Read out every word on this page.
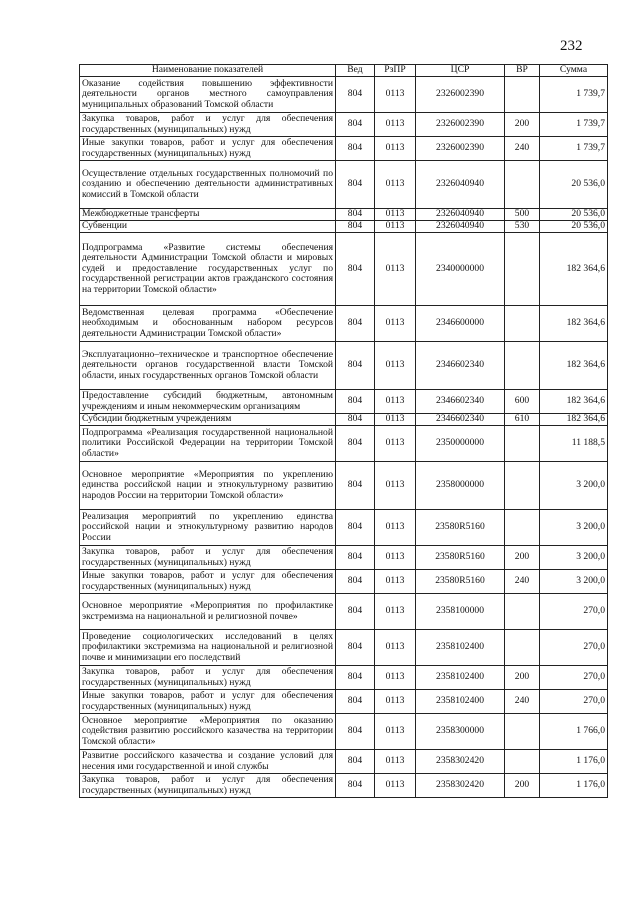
232
Наименование показателей	Вед	РзПР	ЦСР	ВР	Сумма
Оказание содействия повышению эффективности деятельности органов местного самоуправления муниципальных образований Томской области	804	0113	2326002390		1 739,7
Закупка товаров, работ и услуг для обеспечения государственных (муниципальных) нужд	804	0113	2326002390	200	1 739,7
Иные закупки товаров, работ и услуг для обеспечения государственных (муниципальных) нужд	804	0113	2326002390	240	1 739,7
Осуществление отдельных государственных полномочий по созданию и обеспечению деятельности административных комиссий в Томской области	804	0113	2326040940		20 536,0
Межбюджетные трансферты	804	0113	2326040940	500	20 536,0
Субвенции	804	0113	2326040940	530	20 536,0
Подпрограмма «Развитие системы обеспечения деятельности Администрации Томской области и мировых судей и предоставление государственных услуг по государственной регистрации актов гражданского состояния на территории Томской области»	804	0113	2340000000		182 364,6
Ведомственная целевая программа «Обеспечение необходимым и обоснованным набором ресурсов деятельности Администрации Томской области»	804	0113	2346600000		182 364,6
Эксплуатационно–техническое и транспортное обеспечение деятельности органов государственной власти Томской области, иных государственных органов Томской области	804	0113	2346602340		182 364,6
Предоставление субсидий бюджетным, автономным учреждениям и иным некоммерческим организациям	804	0113	2346602340	600	182 364,6
Субсидии бюджетным учреждениям	804	0113	2346602340	610	182 364,6
Подпрограмма «Реализация государственной национальной политики Российской Федерации на территории Томской области»	804	0113	2350000000		11 188,5
Основное мероприятие «Мероприятия по укреплению единства российской нации и этнокультурному развитию народов России на территории Томской области»	804	0113	2358000000		3 200,0
Реализация мероприятий по укреплению единства российской нации и этнокультурному развитию народов России	804	0113	23580R5160		3 200,0
Закупка товаров, работ и услуг для обеспечения государственных (муниципальных) нужд	804	0113	23580R5160	200	3 200,0
Иные закупки товаров, работ и услуг для обеспечения государственных (муниципальных) нужд	804	0113	23580R5160	240	3 200,0
Основное мероприятие «Мероприятия по профилактике экстремизма на национальной и религиозной почве»	804	0113	2358100000		270,0
Проведение социологических исследований в целях профилактики экстремизма на национальной и религиозной почве и минимизации его последствий	804	0113	2358102400		270,0
Закупка товаров, работ и услуг для обеспечения государственных (муниципальных) нужд	804	0113	2358102400	200	270,0
Иные закупки товаров, работ и услуг для обеспечения государственных (муниципальных) нужд	804	0113	2358102400	240	270,0
Основное мероприятие «Мероприятия по оказанию содействия развитию российского казачества на территории Томской области»	804	0113	2358300000		1 766,0
Развитие российского казачества и создание условий для несения ими государственной и иной службы	804	0113	2358302420		1 176,0
Закупка товаров, работ и услуг для обеспечения государственных (муниципальных) нужд	804	0113	2358302420	200	1 176,0
